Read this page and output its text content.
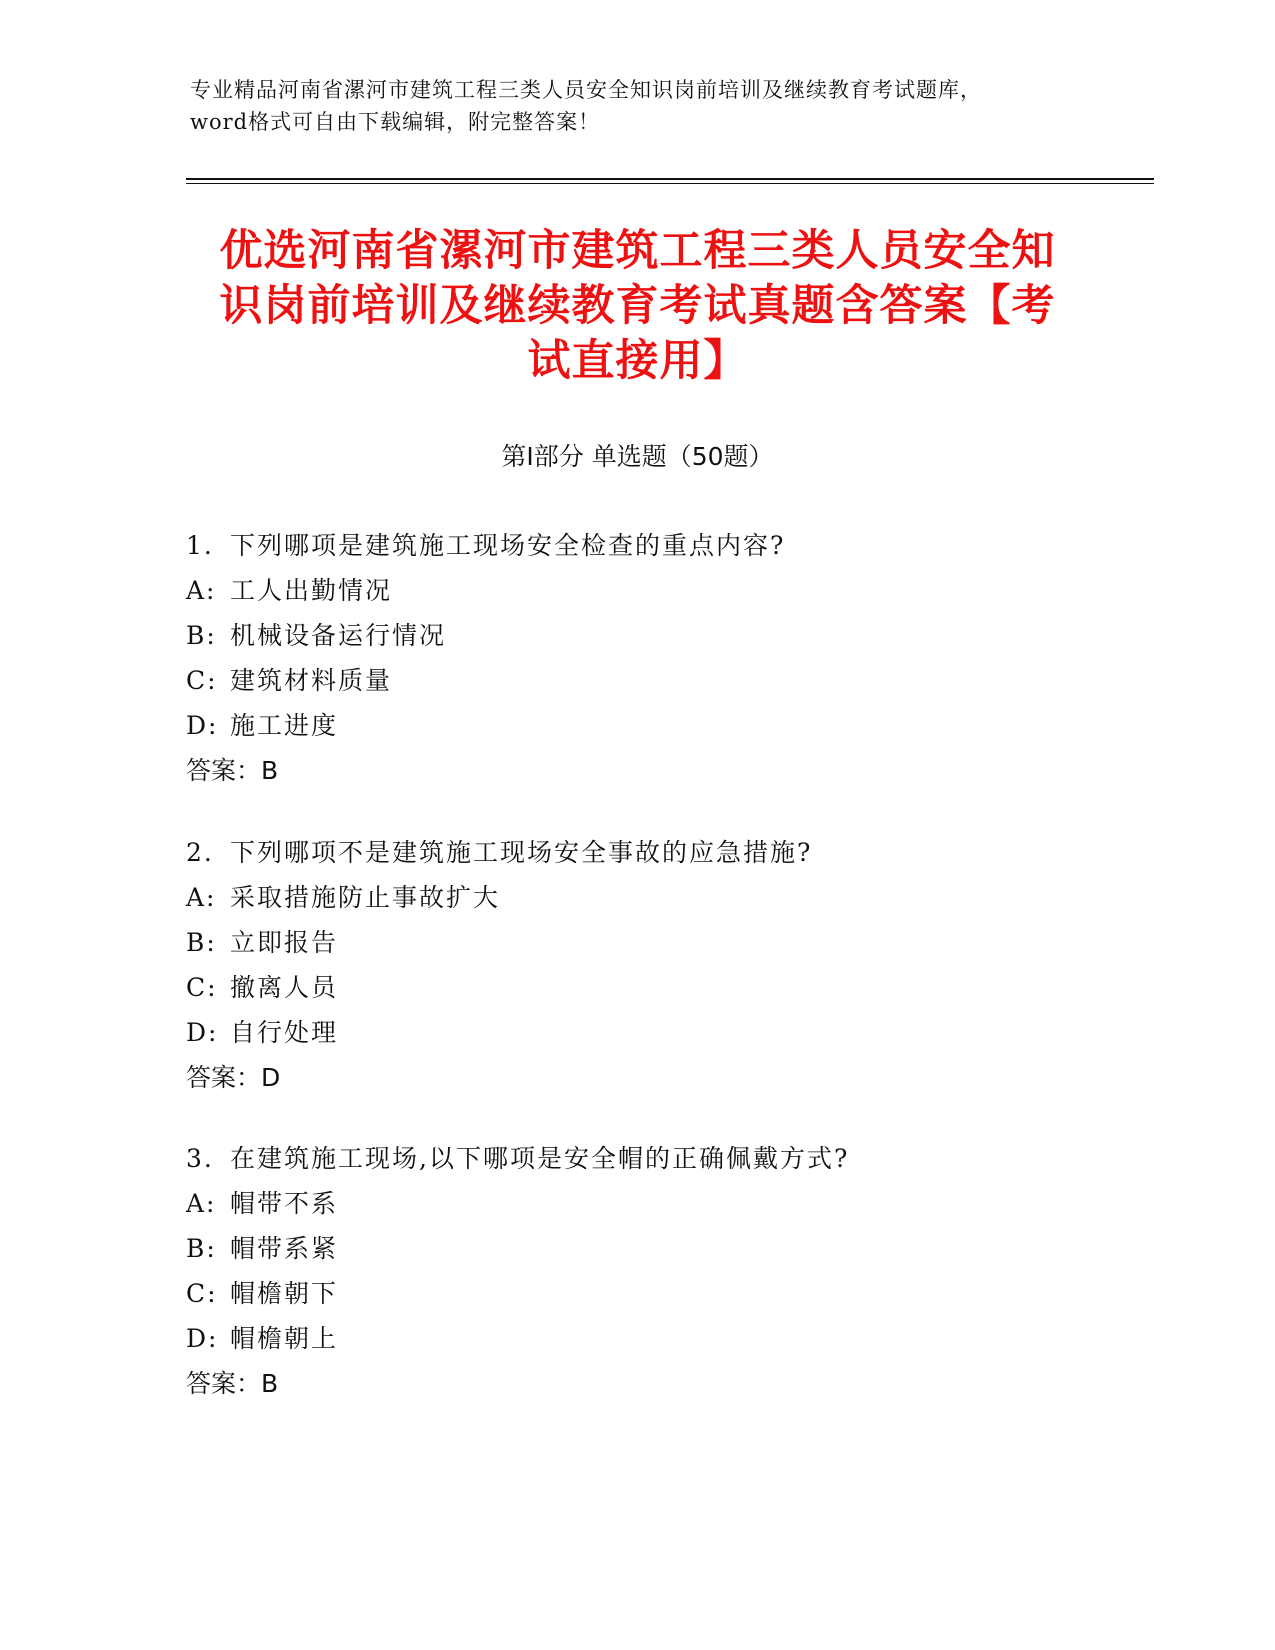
专业精品河南省漯河市建筑工程三类人员安全知识岗前培训及继续教育考试题库，
word格式可自由下载编辑，附完整答案！
优选河南省漯河市建筑工程三类人员安全知
识岗前培训及继续教育考试真题含答案【考
试直接用】
第Ⅰ部分 单选题（50题）
1. 下列哪项是建筑施工现场安全检查的重点内容?
A: 工人出勤情况
B: 机械设备运行情况
C: 建筑材料质量
D: 施工进度
答案：B
2. 下列哪项不是建筑施工现场安全事故的应急措施?
A: 采取措施防止事故扩大
B: 立即报告
C: 撤离人员
D: 自行处理
答案：D
3. 在建筑施工现场,以下哪项是安全帽的正确佩戴方式?
A: 帽带不系
B: 帽带系紧
C: 帽檐朝下
D: 帽檐朝上
答案：B
